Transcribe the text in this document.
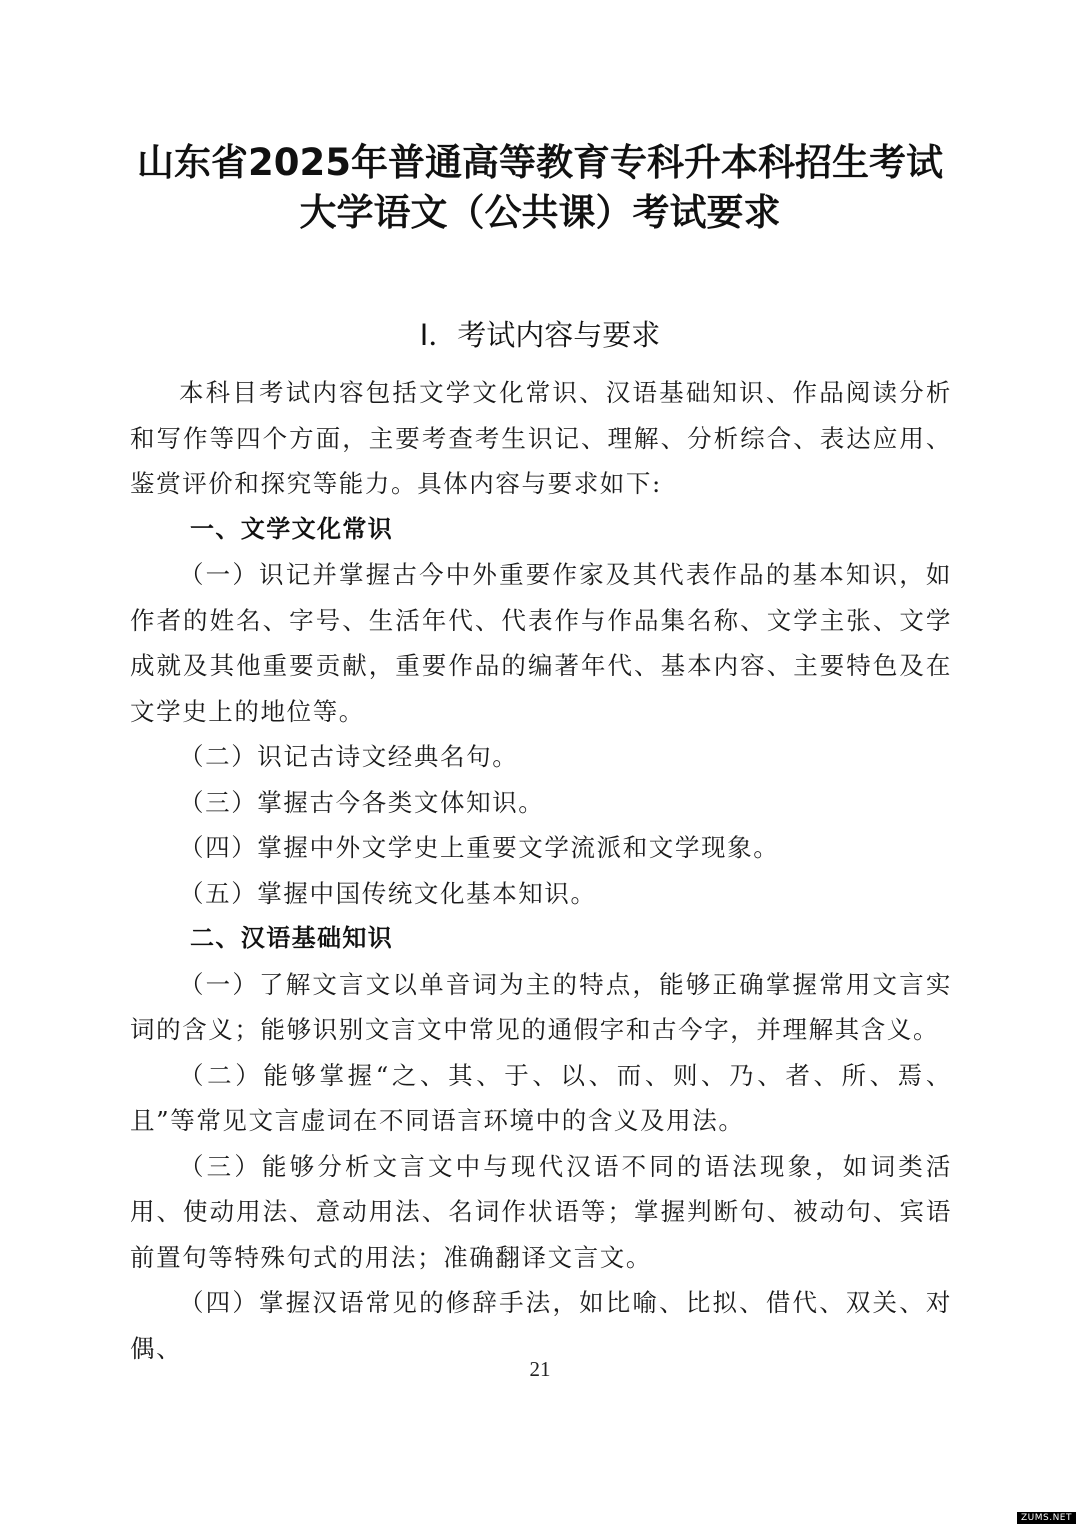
山东省2025年普通高等教育专科升本科招生考试
大学语文（公共课）考试要求
Ⅰ．考试内容与要求

本科目考试内容包括文学文化常识、汉语基础知识、作品阅读分析和写作等四个方面，主要考查考生识记、理解、分析综合、表达应用、鉴赏评价和探究等能力。具体内容与要求如下:

一、文学文化常识

（一）识记并掌握古今中外重要作家及其代表作品的基本知识，如作者的姓名、字号、生活年代、代表作与作品集名称、文学主张、文学成就及其他重要贡献，重要作品的编著年代、基本内容、主要特色及在文学史上的地位等。

（二）识记古诗文经典名句。

（三）掌握古今各类文体知识。

（四）掌握中外文学史上重要文学流派和文学现象。

（五）掌握中国传统文化基本知识。

二、汉语基础知识

（一）了解文言文以单音词为主的特点，能够正确掌握常用文言实词的含义；能够识别文言文中常见的通假字和古今字，并理解其含义。

（二）能够掌握“之、其、于、以、而、则、乃、者、所、焉、且”等常见文言虚词在不同语言环境中的含义及用法。

（三）能够分析文言文中与现代汉语不同的语法现象，如词类活用、使动用法、意动用法、名词作状语等；掌握判断句、被动句、宾语前置句等特殊句式的用法；准确翻译文言文。

（四）掌握汉语常见的修辞手法，如比喻、比拟、借代、双关、对偶、

21
ZUMS.NET
